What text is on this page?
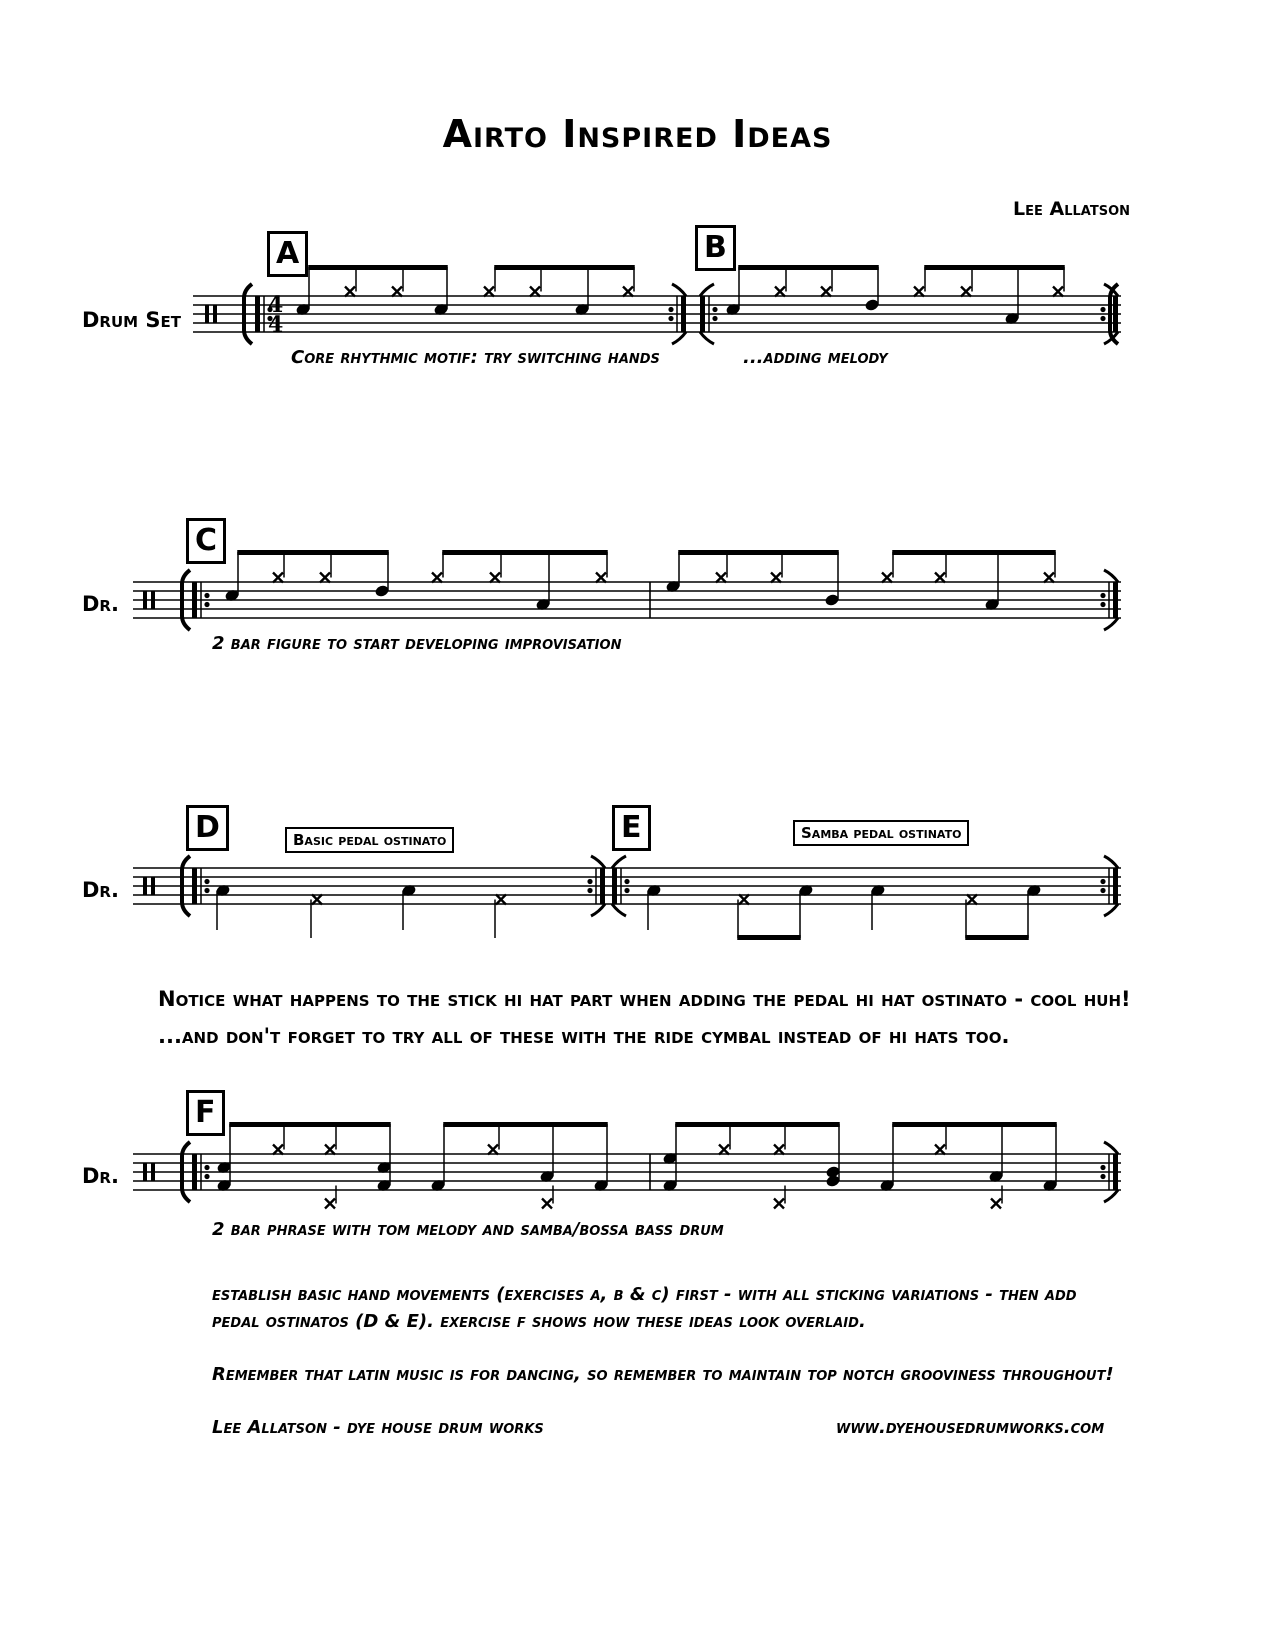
Airto Inspired Ideas
Lee Allatson
Drum Set
Dr.
Dr.
Dr.
A	B
C
D	E
F
Basic pedal ostinato	Samba pedal ostinato
Core rhythmic motif: try switching hands	...adding melody
2 bar figure to start developing improvisation
2 bar phrase with tom melody and samba/bossa bass drum
Notice what happens to the stick hi hat part when adding the pedal hi hat ostinato - cool huh!
...and don't forget to try all of these with the ride cymbal instead of hi hats too.
establish basic hand movements (exercises a, b & c) first - with all sticking variations - then add pedal ostinatos (D & E). exercise f shows how these ideas look overlaid.
Remember that latin music is for dancing, so remember to maintain top notch grooviness throughout!
Lee Allatson - dye house drum works	www.dyehousedrumworks.com
4
4
